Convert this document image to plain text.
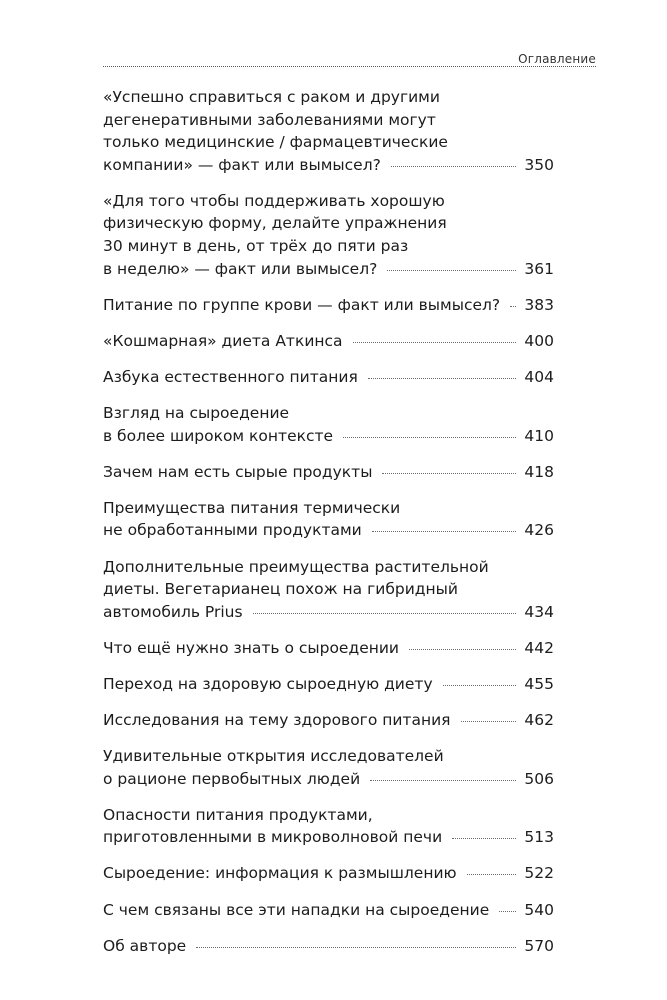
Оглавление
«Успешно справиться с раком и другими
дегенеративными заболеваниями могут
только медицинские / фармацевтические
компании» — факт или вымысел?	350
«Для того чтобы поддерживать хорошую
физическую форму, делайте упражнения
30 минут в день, от трёх до пяти раз
в неделю» — факт или вымысел?	361
Питание по группе крови — факт или вымысел? 383
«Кошмарная» диета Аткинса	400
Азбука естественного питания	404
Взгляд на сыроедение
в более широком контексте	410
Зачем нам есть сырые продукты	418
Преимущества питания термически
не обработанными продуктами	426
Дополнительные преимущества растительной
диеты. Вегетарианец похож на гибридный
автомобиль Prius	434
Что ещё нужно знать о сыроедении	442
Переход на здоровую сыроедную диету	455
Исследования на тему здорового питания	462
Удивительные открытия исследователей
о рационе первобытных людей	506
Опасности питания продуктами,
приготовленными в микроволновой печи	513
Сыроедение: информация к размышлению	522
С чем связаны все эти нападки на сыроедение 540
Об авторе	570
